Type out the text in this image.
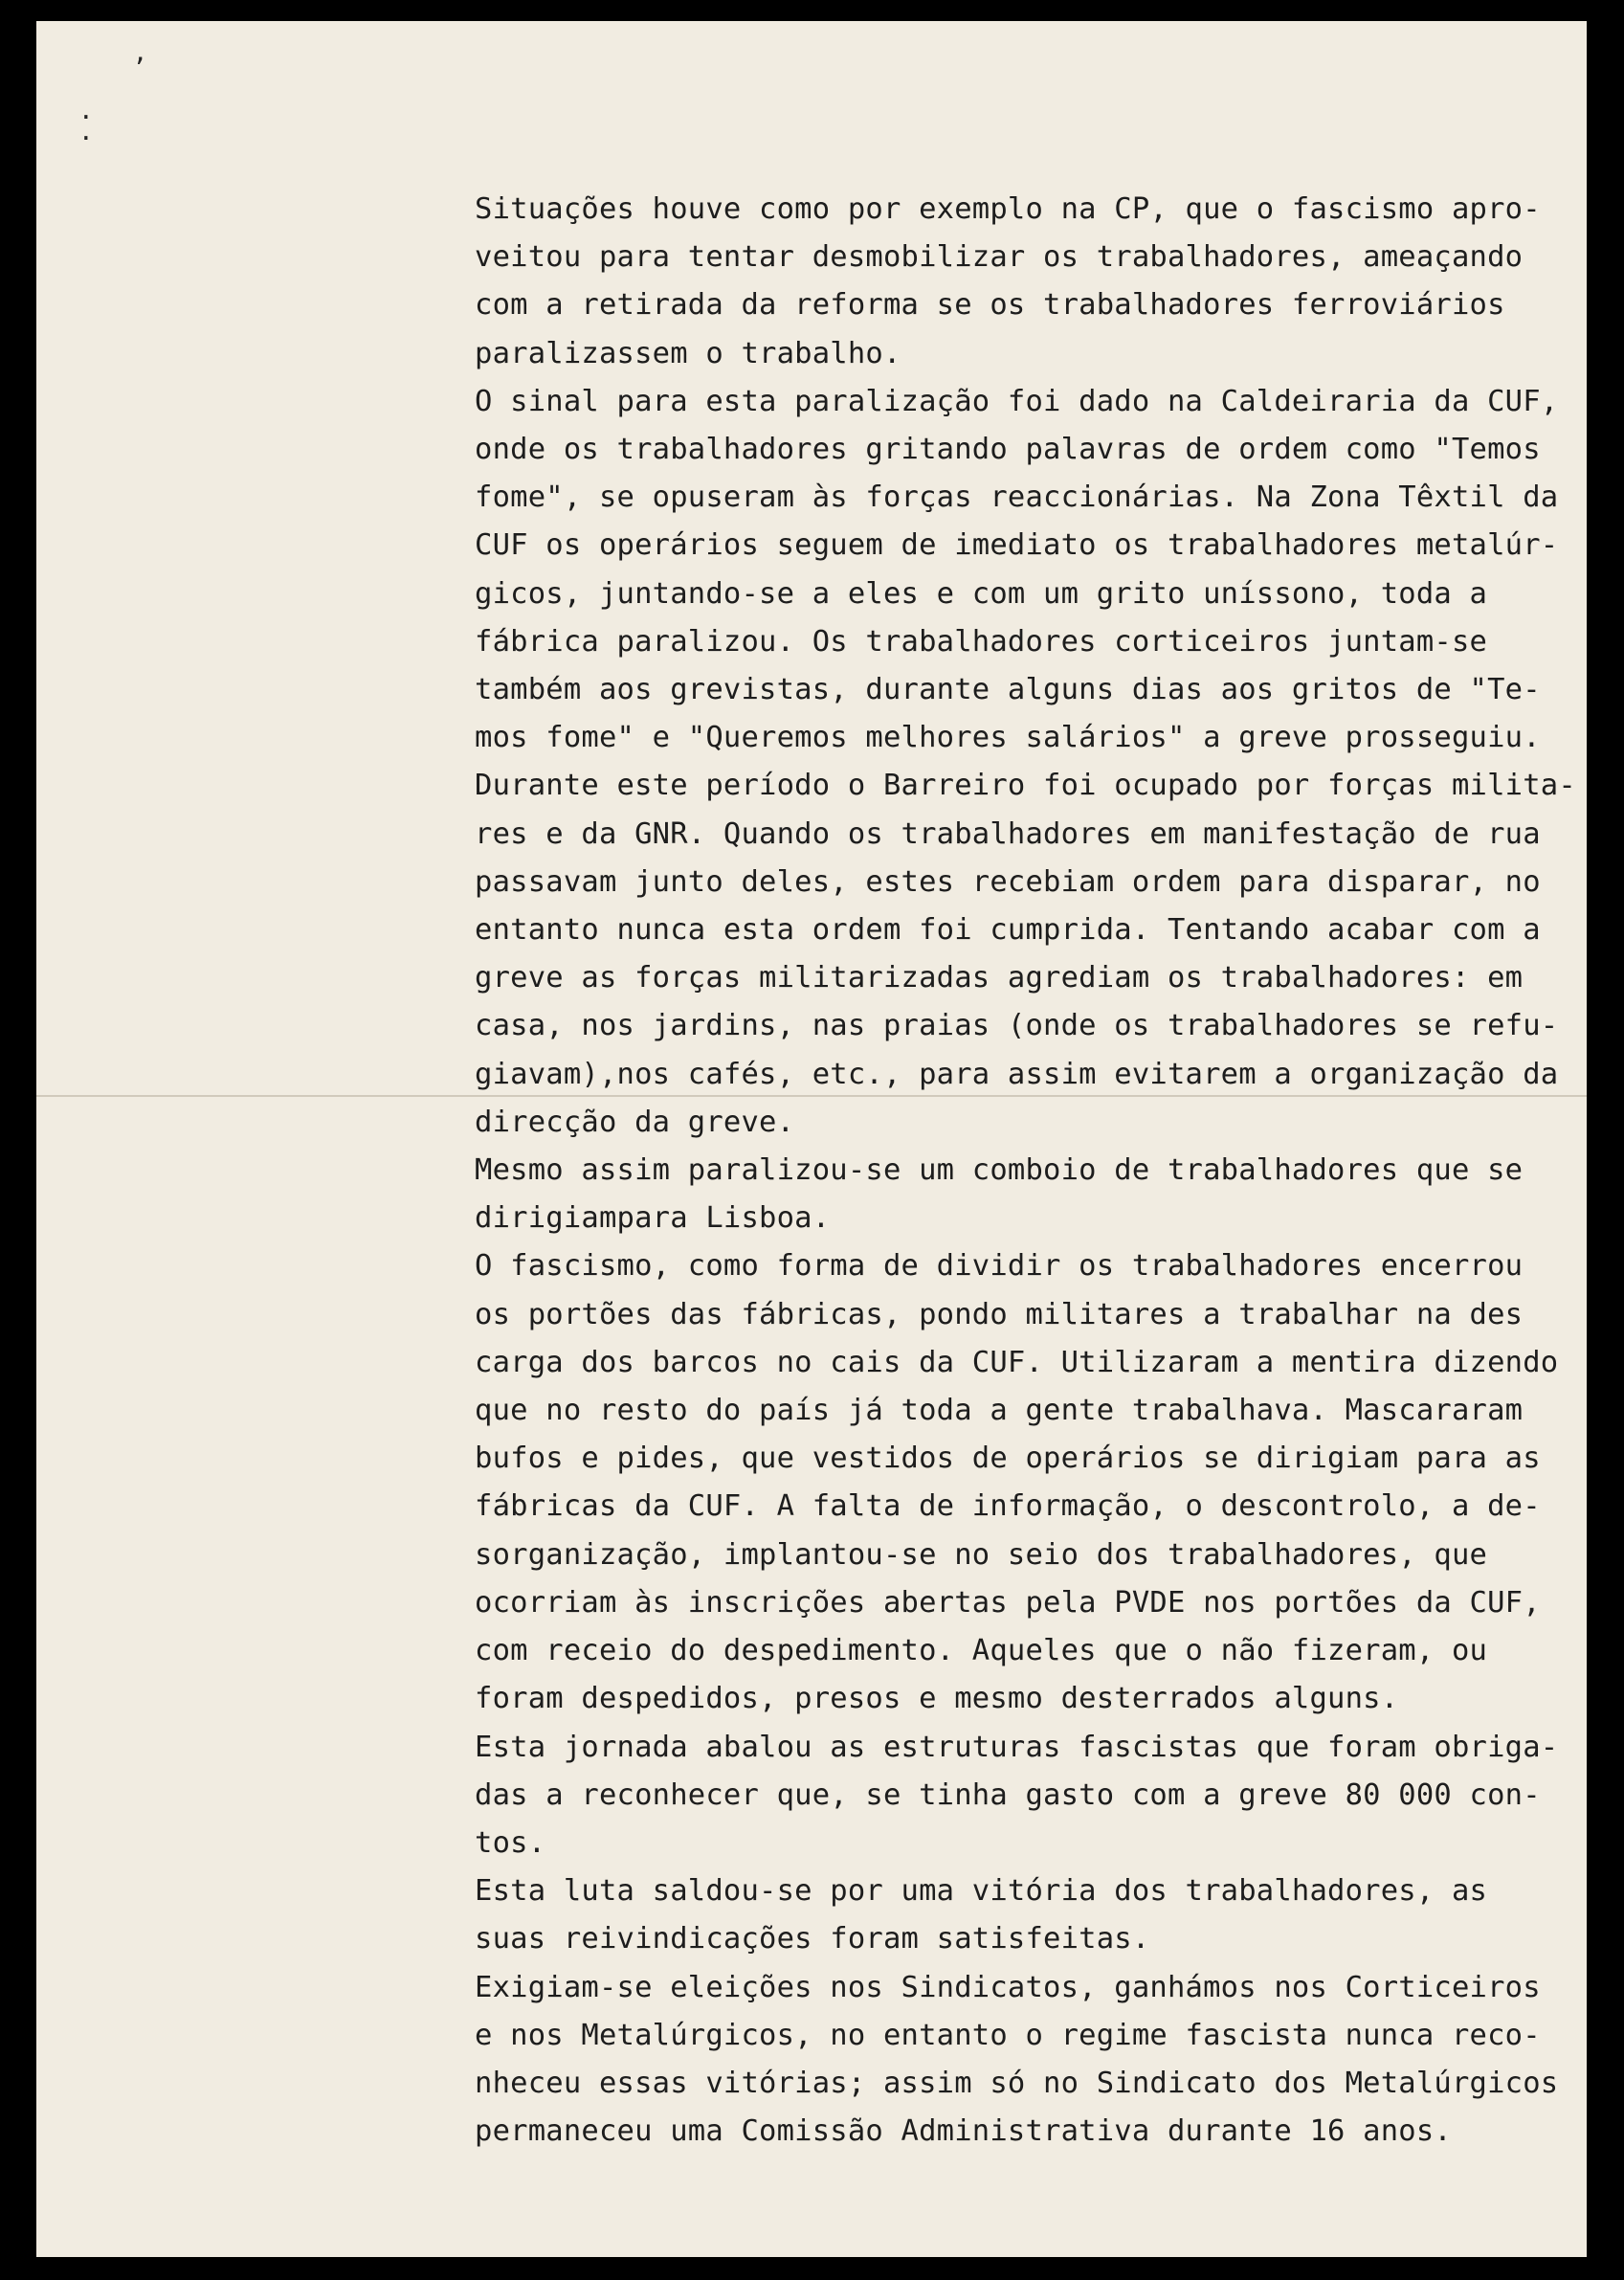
ʼ
·
·
Situações houve como por exemplo na CP, que o fascismo apro-
veitou para tentar desmobilizar os trabalhadores, ameaçando
com a retirada da reforma se os trabalhadores ferroviários
paralizassem o trabalho.
O sinal para esta paralização foi dado na Caldeiraria da CUF,
onde os trabalhadores gritando palavras de ordem como "Temos
fome", se opuseram às forças reaccionárias. Na Zona Têxtil da
CUF os operários seguem de imediato os trabalhadores metalúr-
gicos, juntando-se a eles e com um grito uníssono, toda a
fábrica paralizou. Os trabalhadores corticeiros juntam-se
também aos grevistas, durante alguns dias aos gritos de "Te-
mos fome" e "Queremos melhores salários" a greve prosseguiu.
Durante este período o Barreiro foi ocupado por forças milita-
res e da GNR. Quando os trabalhadores em manifestação de rua
passavam junto deles, estes recebiam ordem para disparar, no
entanto nunca esta ordem foi cumprida. Tentando acabar com a
greve as forças militarizadas agrediam os trabalhadores: em
casa, nos jardins, nas praias (onde os trabalhadores se refu-
giavam),nos cafés, etc., para assim evitarem a organização da
direcção da greve.
Mesmo assim paralizou-se um comboio de trabalhadores que se
dirigiampara Lisboa.
O fascismo, como forma de dividir os trabalhadores encerrou
os portões das fábricas, pondo militares a trabalhar na des
carga dos barcos no cais da CUF. Utilizaram a mentira dizendo
que no resto do país já toda a gente trabalhava. Mascararam
bufos e pides, que vestidos de operários se dirigiam para as
fábricas da CUF. A falta de informação, o descontrolo, a de-
sorganização, implantou-se no seio dos trabalhadores, que
ocorriam às inscrições abertas pela PVDE nos portões da CUF,
com receio do despedimento. Aqueles que o não fizeram, ou
foram despedidos, presos e mesmo desterrados alguns.
Esta jornada abalou as estruturas fascistas que foram obriga-
das a reconhecer que, se tinha gasto com a greve 80 000 con-
tos.
Esta luta saldou-se por uma vitória dos trabalhadores, as
suas reivindicações foram satisfeitas.
Exigiam-se eleições nos Sindicatos, ganhámos nos Corticeiros
e nos Metalúrgicos, no entanto o regime fascista nunca reco-
nheceu essas vitórias; assim só no Sindicato dos Metalúrgicos
permaneceu uma Comissão Administrativa durante 16 anos.
